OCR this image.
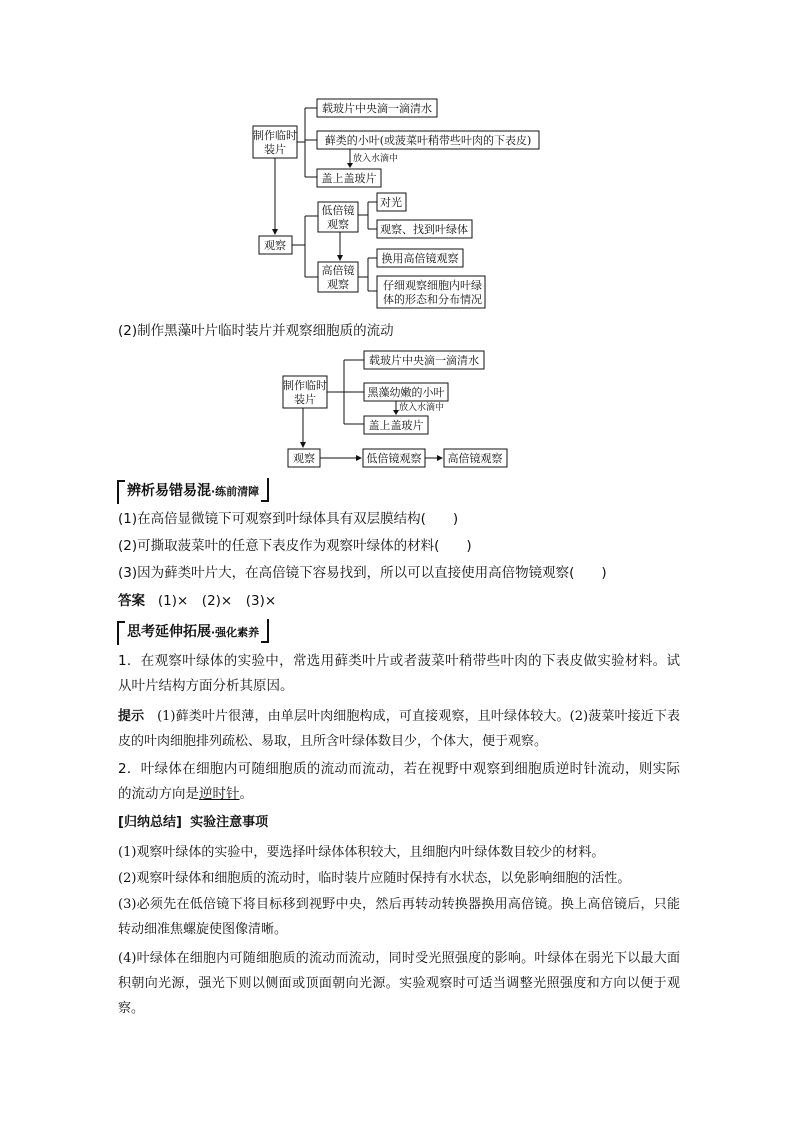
制作临时
装片
载玻片中央滴一滴清水
藓类的小叶(或菠菜叶稍带些叶肉的下表皮)
放入水滴中
盖上盖玻片
观察
低倍镜
观察
对光
观察、找到叶绿体
高倍镜
观察
换用高倍镜观察
仔细观察细胞内叶绿
体的形态和分布情况
(2)制作黑藻叶片临时装片并观察细胞质的流动
制作临时
装片
载玻片中央滴一滴清水
黑藻幼嫩的小叶
放入水滴中
盖上盖玻片
观察	低倍镜观察 高倍镜观察
辨析易错易混·练前清障
(1)在高倍显微镜下可观察到叶绿体具有双层膜结构(　　)
(2)可撕取菠菜叶的任意下表皮作为观察叶绿体的材料(　　)
(3)因为藓类叶片大，在高倍镜下容易找到，所以可以直接使用高倍物镜观察(　　)
答案 (1)×　(2)×　(3)×
思考延伸拓展·强化素养
1．在观察叶绿体的实验中，常选用藓类叶片或者菠菜叶稍带些叶肉的下表皮做实验材料。试从叶片结构方面分析其原因。
提示 (1)藓类叶片很薄，由单层叶肉细胞构成，可直接观察，且叶绿体较大。(2)菠菜叶接近下表皮的叶肉细胞排列疏松、易取，且所含叶绿体数目少，个体大，便于观察。
2．叶绿体在细胞内可随细胞质的流动而流动，若在视野中观察到细胞质逆时针流动，则实际的流动方向是逆时针。
[归纳总结] 实验注意事项
(1)观察叶绿体的实验中，要选择叶绿体体积较大，且细胞内叶绿体数目较少的材料。
(2)观察叶绿体和细胞质的流动时，临时装片应随时保持有水状态，以免影响细胞的活性。
(3)必须先在低倍镜下将目标移到视野中央，然后再转动转换器换用高倍镜。换上高倍镜后，只能转动细准焦螺旋使图像清晰。
(4)叶绿体在细胞内可随细胞质的流动而流动，同时受光照强度的影响。叶绿体在弱光下以最大面积朝向光源，强光下则以侧面或顶面朝向光源。实验观察时可适当调整光照强度和方向以便于观察。
